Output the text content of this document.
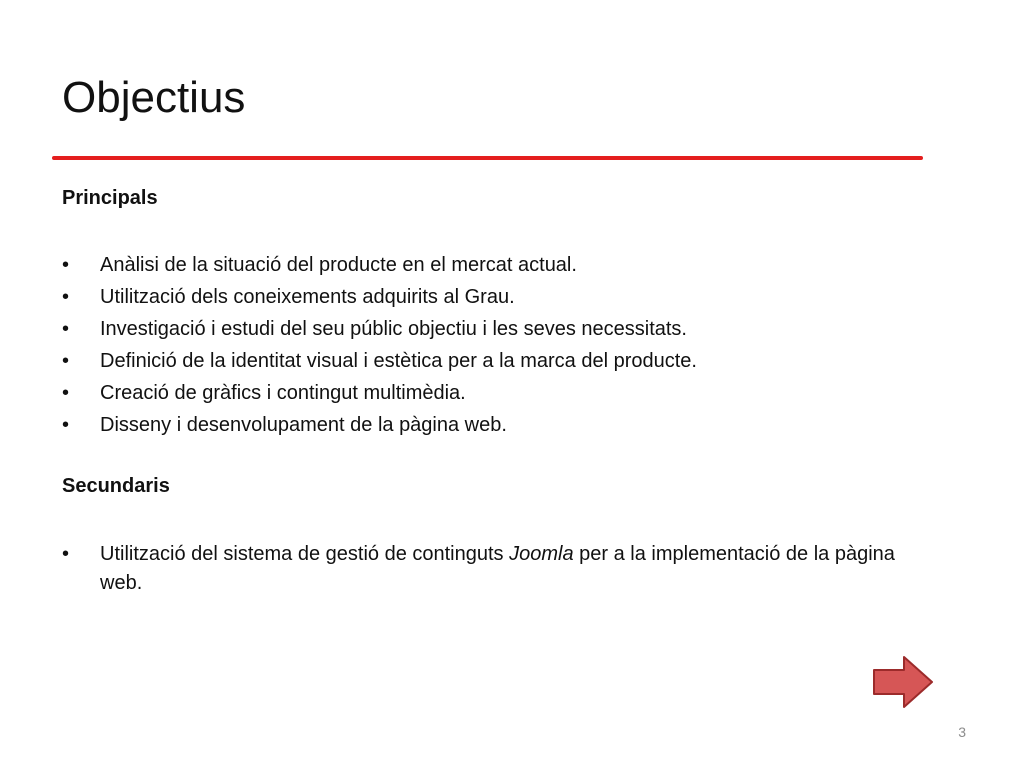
Objectius

Principals

•	Anàlisi de la situació del producte en el mercat actual.
•	Utilització dels coneixements adquirits al Grau.
•	Investigació i estudi del seu públic objectiu i les seves necessitats.
•	Definició de la identitat visual i estètica per a la marca del producte.
•	Creació de gràfics i contingut multimèdia.
•	Disseny i desenvolupament de la pàgina web.

Secundaris

•	Utilització del sistema de gestió de continguts Joomla per a la implementació de la pàgina web.
3
